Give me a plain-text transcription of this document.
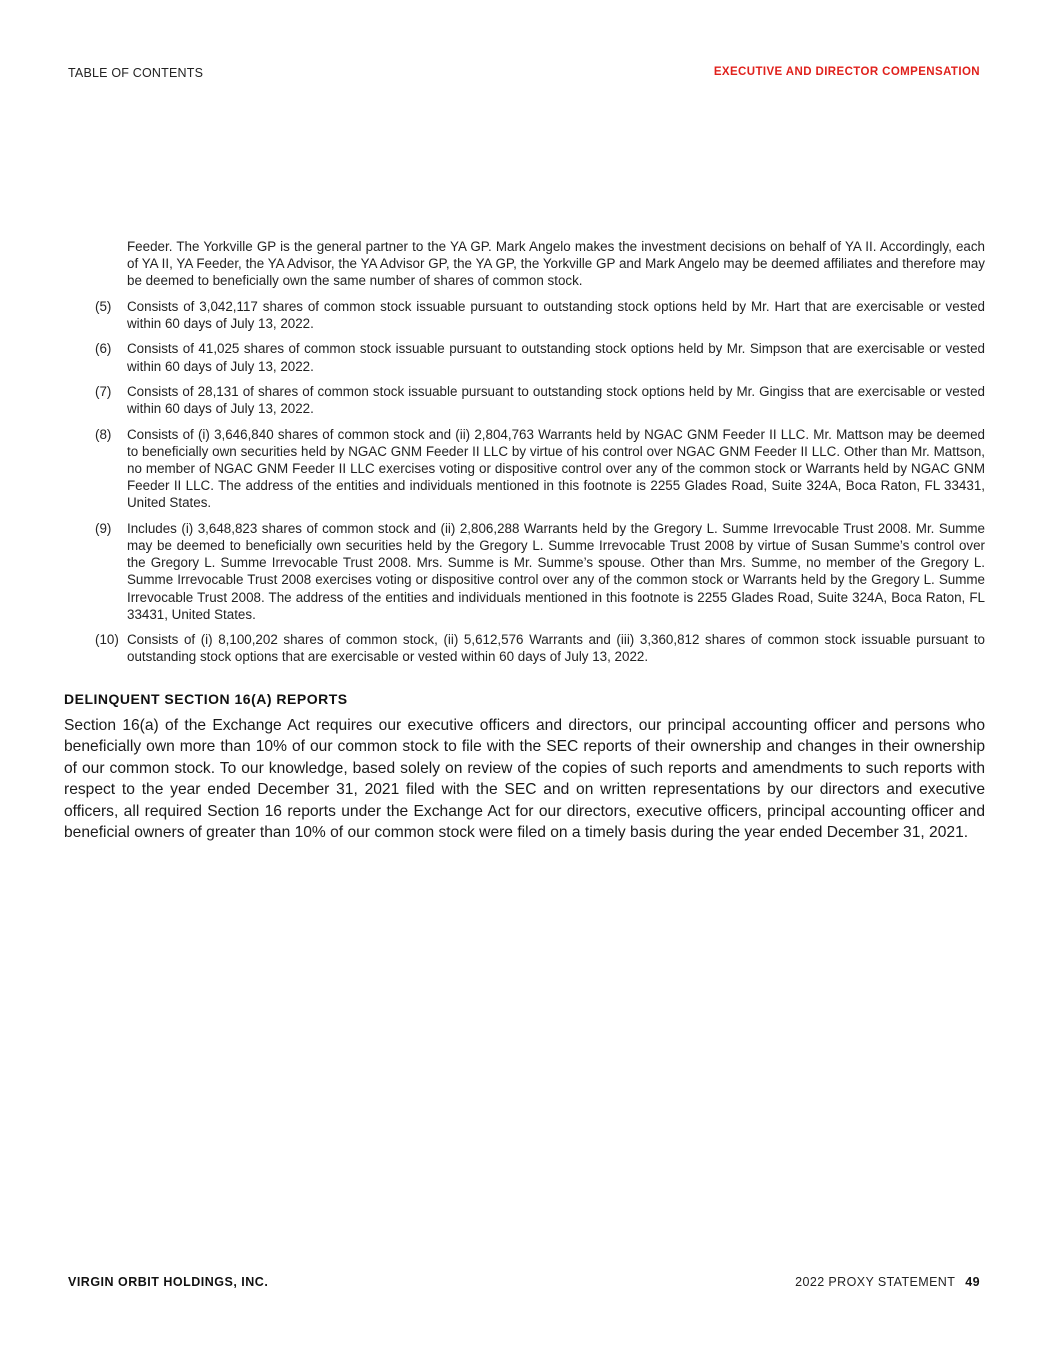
TABLE OF CONTENTS	EXECUTIVE AND DIRECTOR COMPENSATION
Feeder. The Yorkville GP is the general partner to the YA GP. Mark Angelo makes the investment decisions on behalf of YA II. Accordingly, each of YA II, YA Feeder, the YA Advisor, the YA Advisor GP, the YA GP, the Yorkville GP and Mark Angelo may be deemed affiliates and therefore may be deemed to beneficially own the same number of shares of common stock.
(5)	Consists of 3,042,117 shares of common stock issuable pursuant to outstanding stock options held by Mr. Hart that are exercisable or vested within 60 days of July 13, 2022.
(6)	Consists of 41,025 shares of common stock issuable pursuant to outstanding stock options held by Mr. Simpson that are exercisable or vested within 60 days of July 13, 2022.
(7)	Consists of 28,131 of shares of common stock issuable pursuant to outstanding stock options held by Mr. Gingiss that are exercisable or vested within 60 days of July 13, 2022.
(8)	Consists of (i) 3,646,840 shares of common stock and (ii) 2,804,763 Warrants held by NGAC GNM Feeder II LLC. Mr. Mattson may be deemed to beneficially own securities held by NGAC GNM Feeder II LLC by virtue of his control over NGAC GNM Feeder II LLC. Other than Mr. Mattson, no member of NGAC GNM Feeder II LLC exercises voting or dispositive control over any of the common stock or Warrants held by NGAC GNM Feeder II LLC. The address of the entities and individuals mentioned in this footnote is 2255 Glades Road, Suite 324A, Boca Raton, FL 33431, United States.
(9)	Includes (i) 3,648,823 shares of common stock and (ii) 2,806,288 Warrants held by the Gregory L. Summe Irrevocable Trust 2008. Mr. Summe may be deemed to beneficially own securities held by the Gregory L. Summe Irrevocable Trust 2008 by virtue of Susan Summe’s control over the Gregory L. Summe Irrevocable Trust 2008. Mrs. Summe is Mr. Summe’s spouse. Other than Mrs. Summe, no member of the Gregory L. Summe Irrevocable Trust 2008 exercises voting or dispositive control over any of the common stock or Warrants held by the Gregory L. Summe Irrevocable Trust 2008. The address of the entities and individuals mentioned in this footnote is 2255 Glades Road, Suite 324A, Boca Raton, FL 33431, United States.
(10) Consists of (i) 8,100,202 shares of common stock, (ii) 5,612,576 Warrants and (iii) 3,360,812 shares of common stock issuable pursuant to outstanding stock options that are exercisable or vested within 60 days of July 13, 2022.
DELINQUENT SECTION 16(A) REPORTS
Section 16(a) of the Exchange Act requires our executive officers and directors, our principal accounting officer and persons who beneficially own more than 10% of our common stock to file with the SEC reports of their ownership and changes in their ownership of our common stock. To our knowledge, based solely on review of the copies of such reports and amendments to such reports with respect to the year ended December 31, 2021 filed with the SEC and on written representations by our directors and executive officers, all required Section 16 reports under the Exchange Act for our directors, executive officers, principal accounting officer and beneficial owners of greater than 10% of our common stock were filed on a timely basis during the year ended December 31, 2021.
VIRGIN ORBIT HOLDINGS, INC.	2022 PROXY STATEMENT 49
